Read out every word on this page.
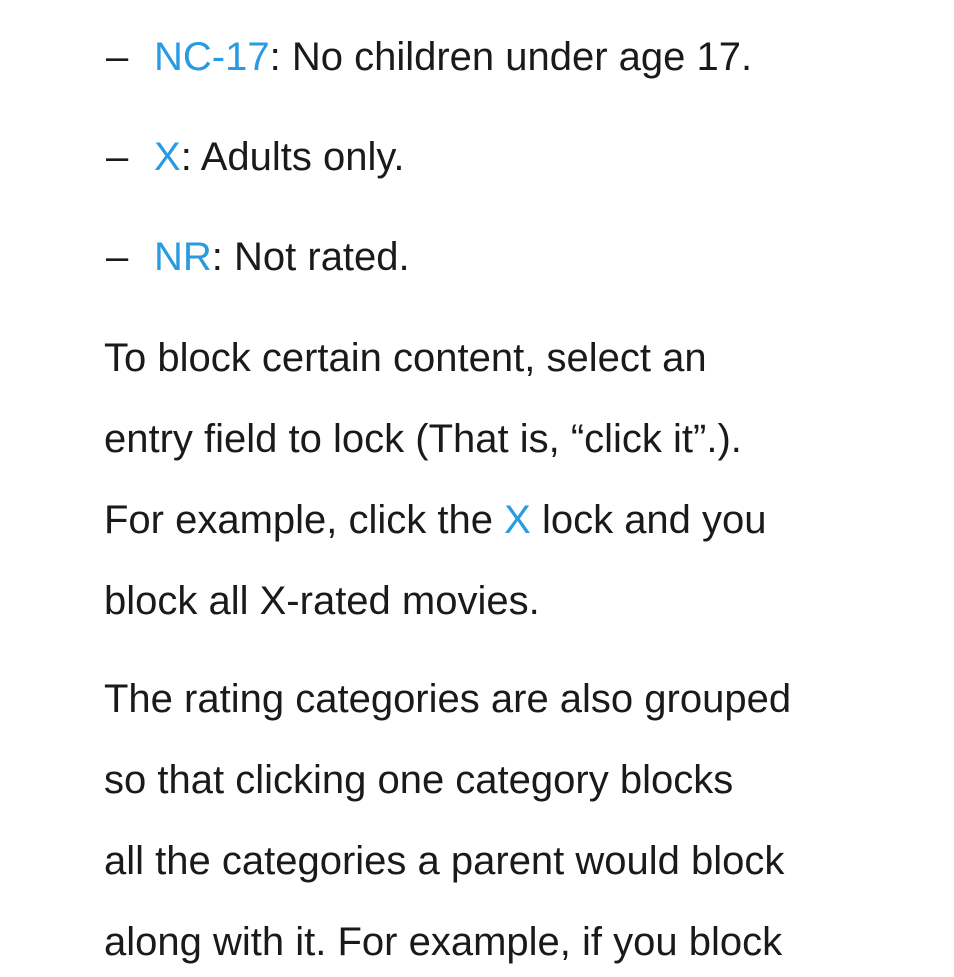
– NC-17: No children under age 17.
– X: Adults only.
– NR: Not rated.
To block certain content, select an
entry field to lock (That is, “click it”.).
For example, click the X lock and you
block all X-rated movies.
The rating categories are also grouped
so that clicking one category blocks
all the categories a parent would block
along with it. For example, if you block
